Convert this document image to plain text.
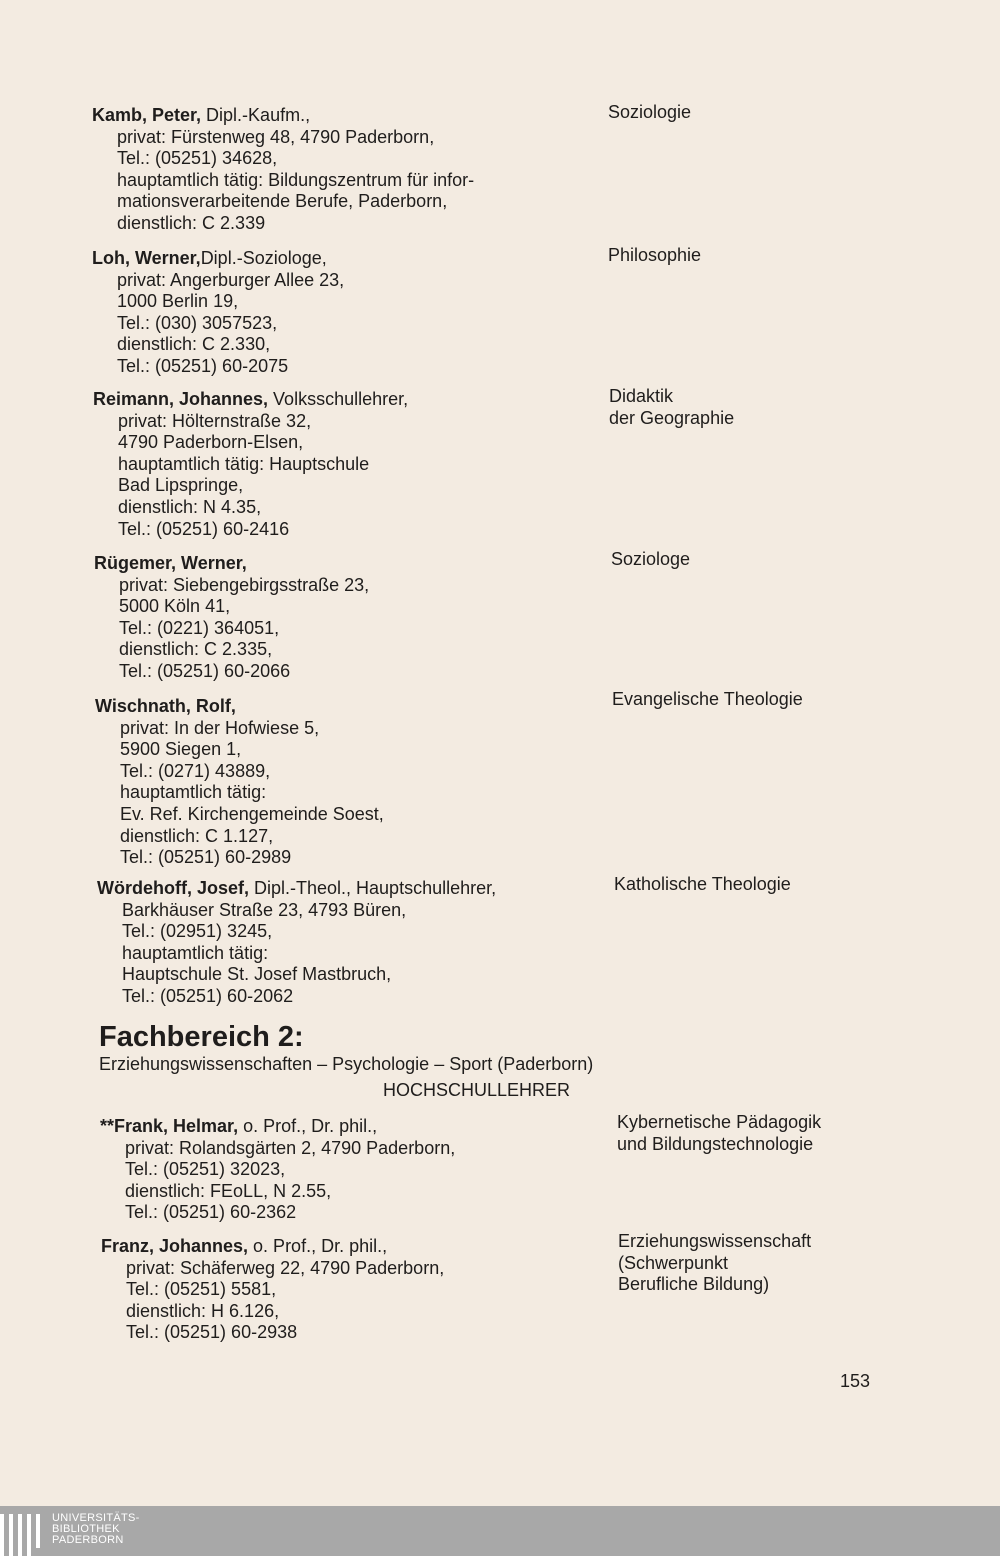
Kamb, Peter, Dipl.-Kaufm.,
privat: Fürstenweg 48, 4790 Paderborn,
Tel.: (05251) 34628,
hauptamtlich tätig: Bildungszentrum für infor-
mationsverarbeitende Berufe, Paderborn,
dienstlich: C 2.339
Soziologie
Loh, Werner,Dipl.-Soziologe,
privat: Angerburger Allee 23,
1000 Berlin 19,
Tel.: (030) 3057523,
dienstlich: C 2.330,
Tel.: (05251) 60-2075
Philosophie
Reimann, Johannes, Volksschullehrer,
privat: Hölternstraße 32,
4790 Paderborn-Elsen,
hauptamtlich tätig: Hauptschule
Bad Lipspringe,
dienstlich: N 4.35,
Tel.: (05251) 60-2416
Didaktik
der Geographie
Rügemer, Werner,
privat: Siebengebirgsstraße 23,
5000 Köln 41,
Tel.: (0221) 364051,
dienstlich: C 2.335,
Tel.: (05251) 60-2066
Soziologe
Wischnath, Rolf,
privat: In der Hofwiese 5,
5900 Siegen 1,
Tel.: (0271) 43889,
hauptamtlich tätig:
Ev. Ref. Kirchengemeinde Soest,
dienstlich: C 1.127,
Tel.: (05251) 60-2989
Evangelische Theologie
Wördehoff, Josef, Dipl.-Theol., Hauptschullehrer,
Barkhäuser Straße 23, 4793 Büren,
Tel.: (02951) 3245,
hauptamtlich tätig:
Hauptschule St. Josef Mastbruch,
Tel.: (05251) 60-2062
Katholische Theologie
Fachbereich 2:
Erziehungswissenschaften – Psychologie – Sport (Paderborn)
HOCHSCHULLEHRER
**Frank, Helmar, o. Prof., Dr. phil.,
privat: Rolandsgärten 2, 4790 Paderborn,
Tel.: (05251) 32023,
dienstlich: FEoLL, N 2.55,
Tel.: (05251) 60-2362
Kybernetische Pädagogik
und Bildungstechnologie
Franz, Johannes, o. Prof., Dr. phil.,
privat: Schäferweg 22, 4790 Paderborn,
Tel.: (05251) 5581,
dienstlich: H 6.126,
Tel.: (05251) 60-2938
Erziehungswissenschaft
(Schwerpunkt
Berufliche Bildung)
153
UNIVERSITÄTS-
BIBLIOTHEK
PADERBORN
